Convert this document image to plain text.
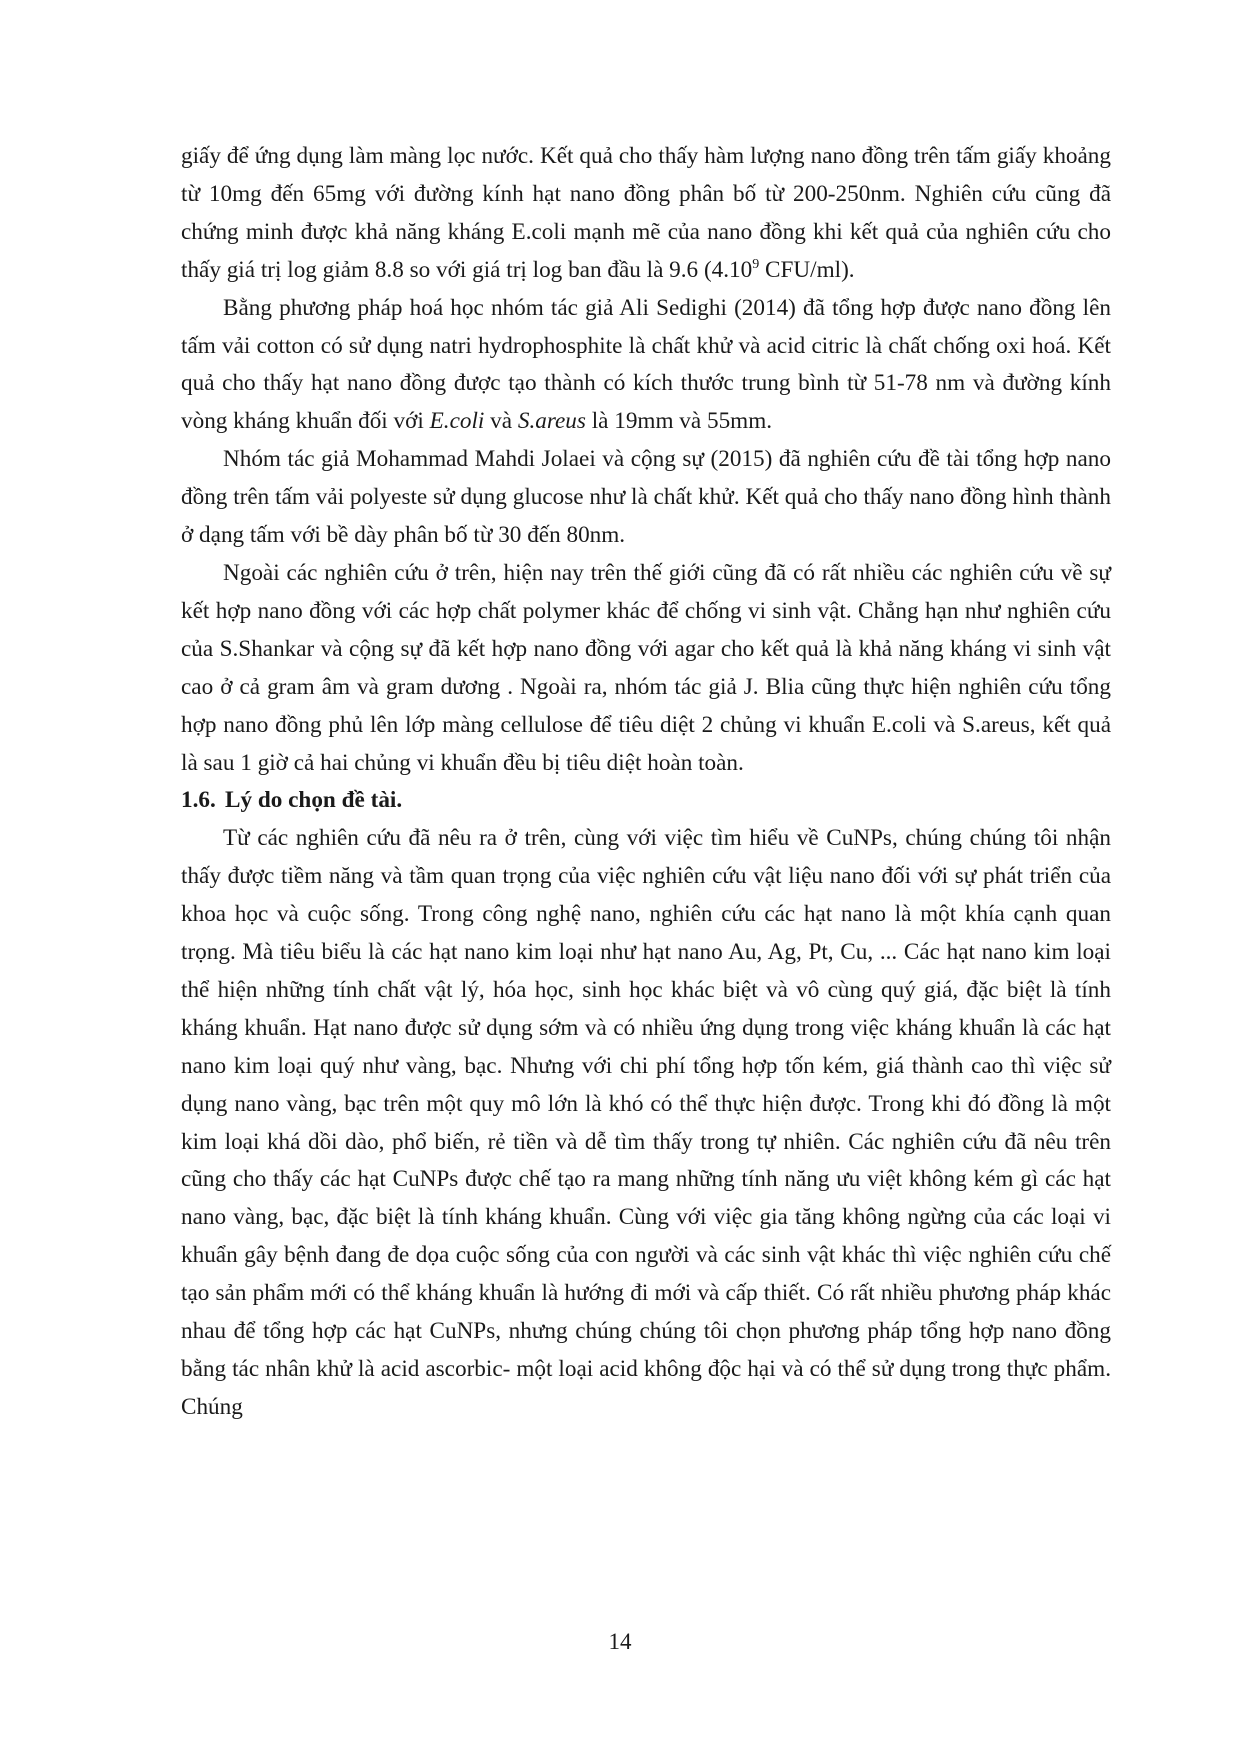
giấy để ứng dụng làm màng lọc nước. Kết quả cho thấy hàm lượng nano đồng trên tấm giấy khoảng từ 10mg đến 65mg với đường kính hạt nano đồng phân bố từ 200-250nm. Nghiên cứu cũng đã chứng minh được khả năng kháng E.coli mạnh mẽ của nano đồng khi kết quả của nghiên cứu cho thấy giá trị log giảm 8.8 so với giá trị log ban đầu là 9.6 (4.10$^9$ CFU/ml).

Bằng phương pháp hoá học nhóm tác giả Ali Sedighi (2014) đã tổng hợp được nano đồng lên tấm vải cotton có sử dụng natri hydrophosphite là chất khử và acid citric là chất chống oxi hoá. Kết quả cho thấy hạt nano đồng được tạo thành có kích thước trung bình từ 51-78 nm và đường kính vòng kháng khuẩn đối với E.coli và S.areus là 19mm và 55mm.

Nhóm tác giả Mohammad Mahdi Jolaei và cộng sự (2015) đã nghiên cứu đề tài tổng hợp nano đồng trên tấm vải polyeste sử dụng glucose như là chất khử. Kết quả cho thấy nano đồng hình thành ở dạng tấm với bề dày phân bố từ 30 đến 80nm.

Ngoài các nghiên cứu ở trên, hiện nay trên thế giới cũng đã có rất nhiều các nghiên cứu về sự kết hợp nano đồng với các hợp chất polymer khác để chống vi sinh vật. Chẳng hạn như nghiên cứu của S.Shankar và cộng sự đã kết hợp nano đồng với agar cho kết quả là khả năng kháng vi sinh vật cao ở cả gram âm và gram dương . Ngoài ra, nhóm tác giả J. Blia cũng thực hiện nghiên cứu tổng hợp nano đồng phủ lên lớp màng cellulose để tiêu diệt 2 chủng vi khuẩn E.coli và S.areus, kết quả là sau 1 giờ cả hai chủng vi khuẩn đều bị tiêu diệt hoàn toàn.

1.6. Lý do chọn đề tài.

Từ các nghiên cứu đã nêu ra ở trên, cùng với việc tìm hiểu về CuNPs, chúng chúng tôi nhận thấy được tiềm năng và tầm quan trọng của việc nghiên cứu vật liệu nano đối với sự phát triển của khoa học và cuộc sống. Trong công nghệ nano, nghiên cứu các hạt nano là một khía cạnh quan trọng. Mà tiêu biểu là các hạt nano kim loại như hạt nano Au, Ag, Pt, Cu, ... Các hạt nano kim loại thể hiện những tính chất vật lý, hóa học, sinh học khác biệt và vô cùng quý giá, đặc biệt là tính kháng khuẩn. Hạt nano được sử dụng sớm và có nhiều ứng dụng trong việc kháng khuẩn là các hạt nano kim loại quý như vàng, bạc. Nhưng với chi phí tổng hợp tốn kém, giá thành cao thì việc sử dụng nano vàng, bạc trên một quy mô lớn là khó có thể thực hiện được. Trong khi đó đồng là một kim loại khá dồi dào, phổ biến, rẻ tiền và dễ tìm thấy trong tự nhiên. Các nghiên cứu đã nêu trên cũng cho thấy các hạt CuNPs được chế tạo ra mang những tính năng ưu việt không kém gì các hạt nano vàng, bạc, đặc biệt là tính kháng khuẩn. Cùng với việc gia tăng không ngừng của các loại vi khuẩn gây bệnh đang đe dọa cuộc sống của con người và các sinh vật khác thì việc nghiên cứu chế tạo sản phẩm mới có thể kháng khuẩn là hướng đi mới và cấp thiết. Có rất nhiều phương pháp khác nhau để tổng hợp các hạt CuNPs, nhưng chúng chúng tôi chọn phương pháp tổng hợp nano đồng bằng tác nhân khử là acid ascorbic- một loại acid không độc hại và có thể sử dụng trong thực phẩm. Chúng

14
